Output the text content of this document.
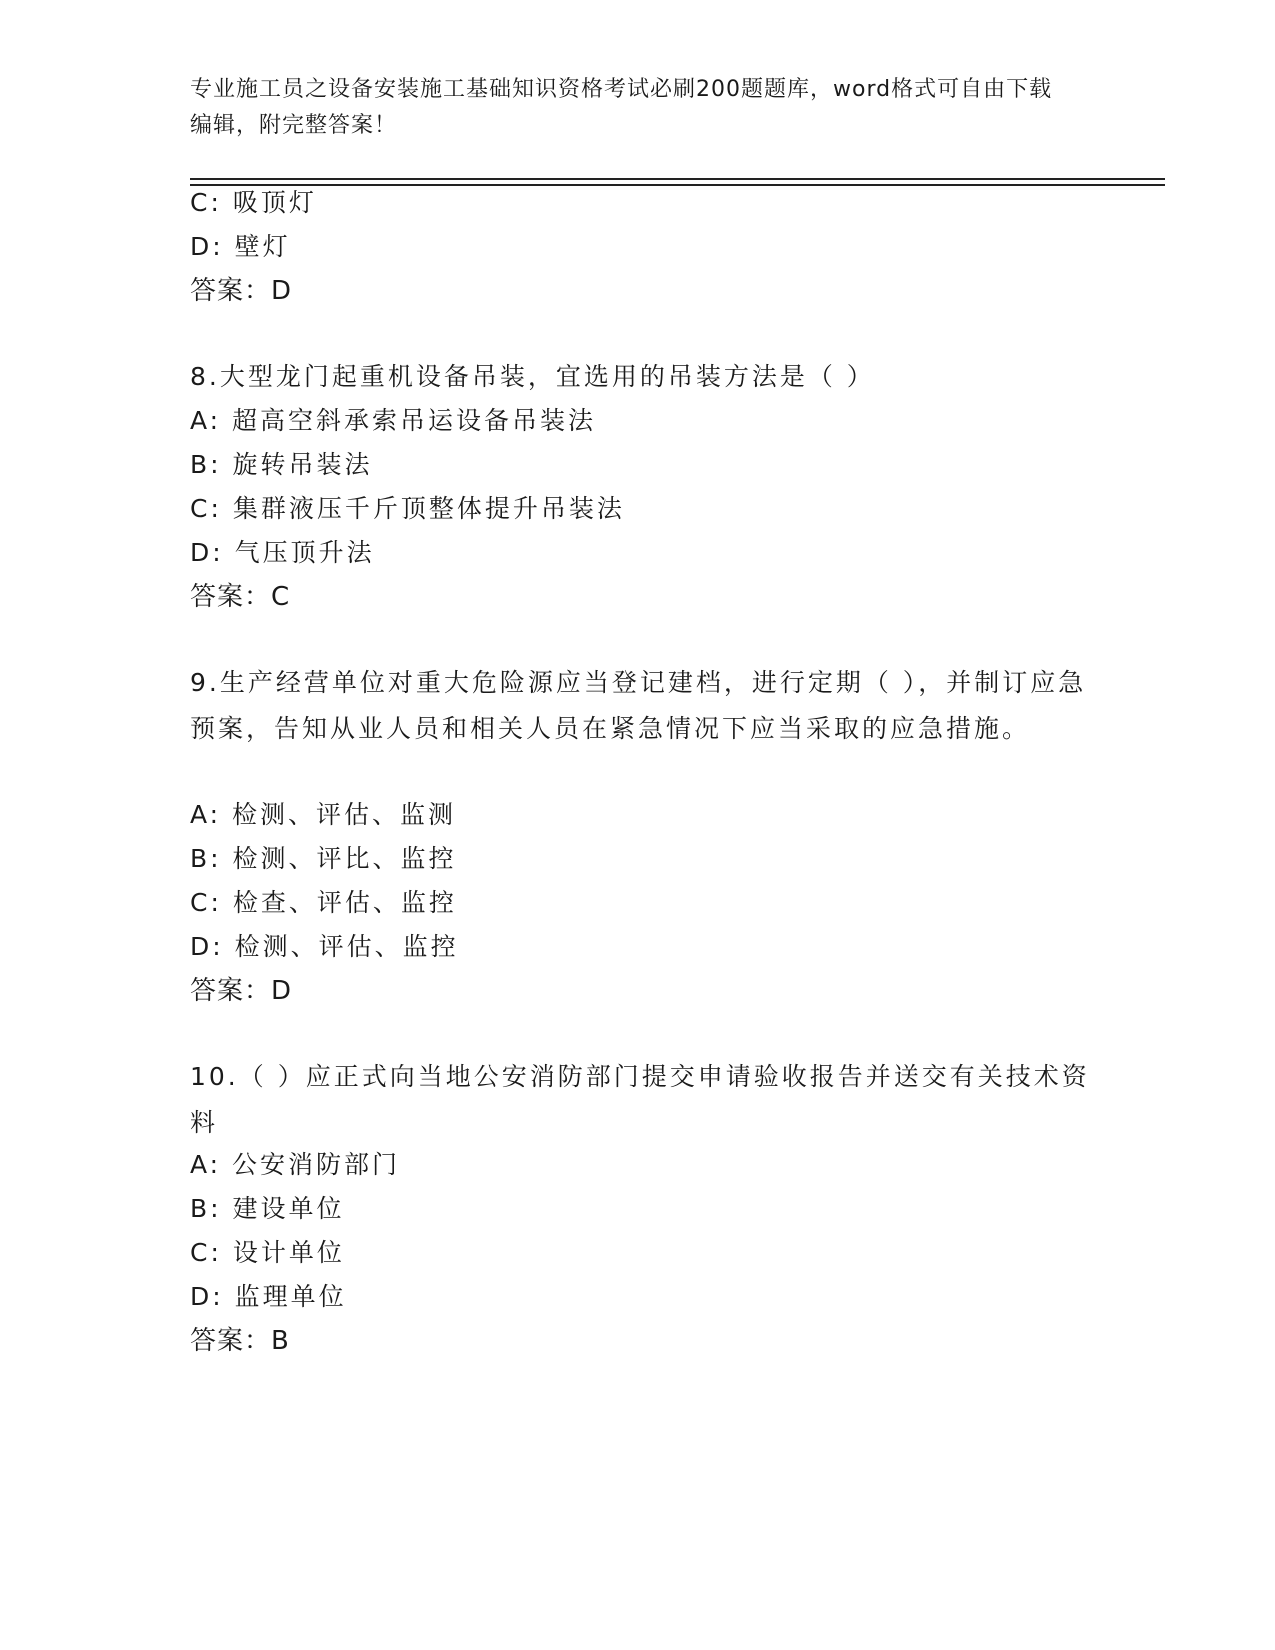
专业施工员之设备安装施工基础知识资格考试必刷200题题库，word格式可自由下载编辑，附完整答案！
C: 吸顶灯
D: 壁灯
答案：D
8.大型龙门起重机设备吊装，宜选用的吊装方法是（ ）
A: 超高空斜承索吊运设备吊装法
B: 旋转吊装法
C: 集群液压千斤顶整体提升吊装法
D: 气压顶升法
答案：C
9.生产经营单位对重大危险源应当登记建档，进行定期（ ），并制订应急预案，告知从业人员和相关人员在紧急情况下应当采取的应急措施。
A: 检测、评估、监测
B: 检测、评比、监控
C: 检查、评估、监控
D: 检测、评估、监控
答案：D
10.（ ）应正式向当地公安消防部门提交申请验收报告并送交有关技术资料
A: 公安消防部门
B: 建设单位
C: 设计单位
D: 监理单位
答案：B
